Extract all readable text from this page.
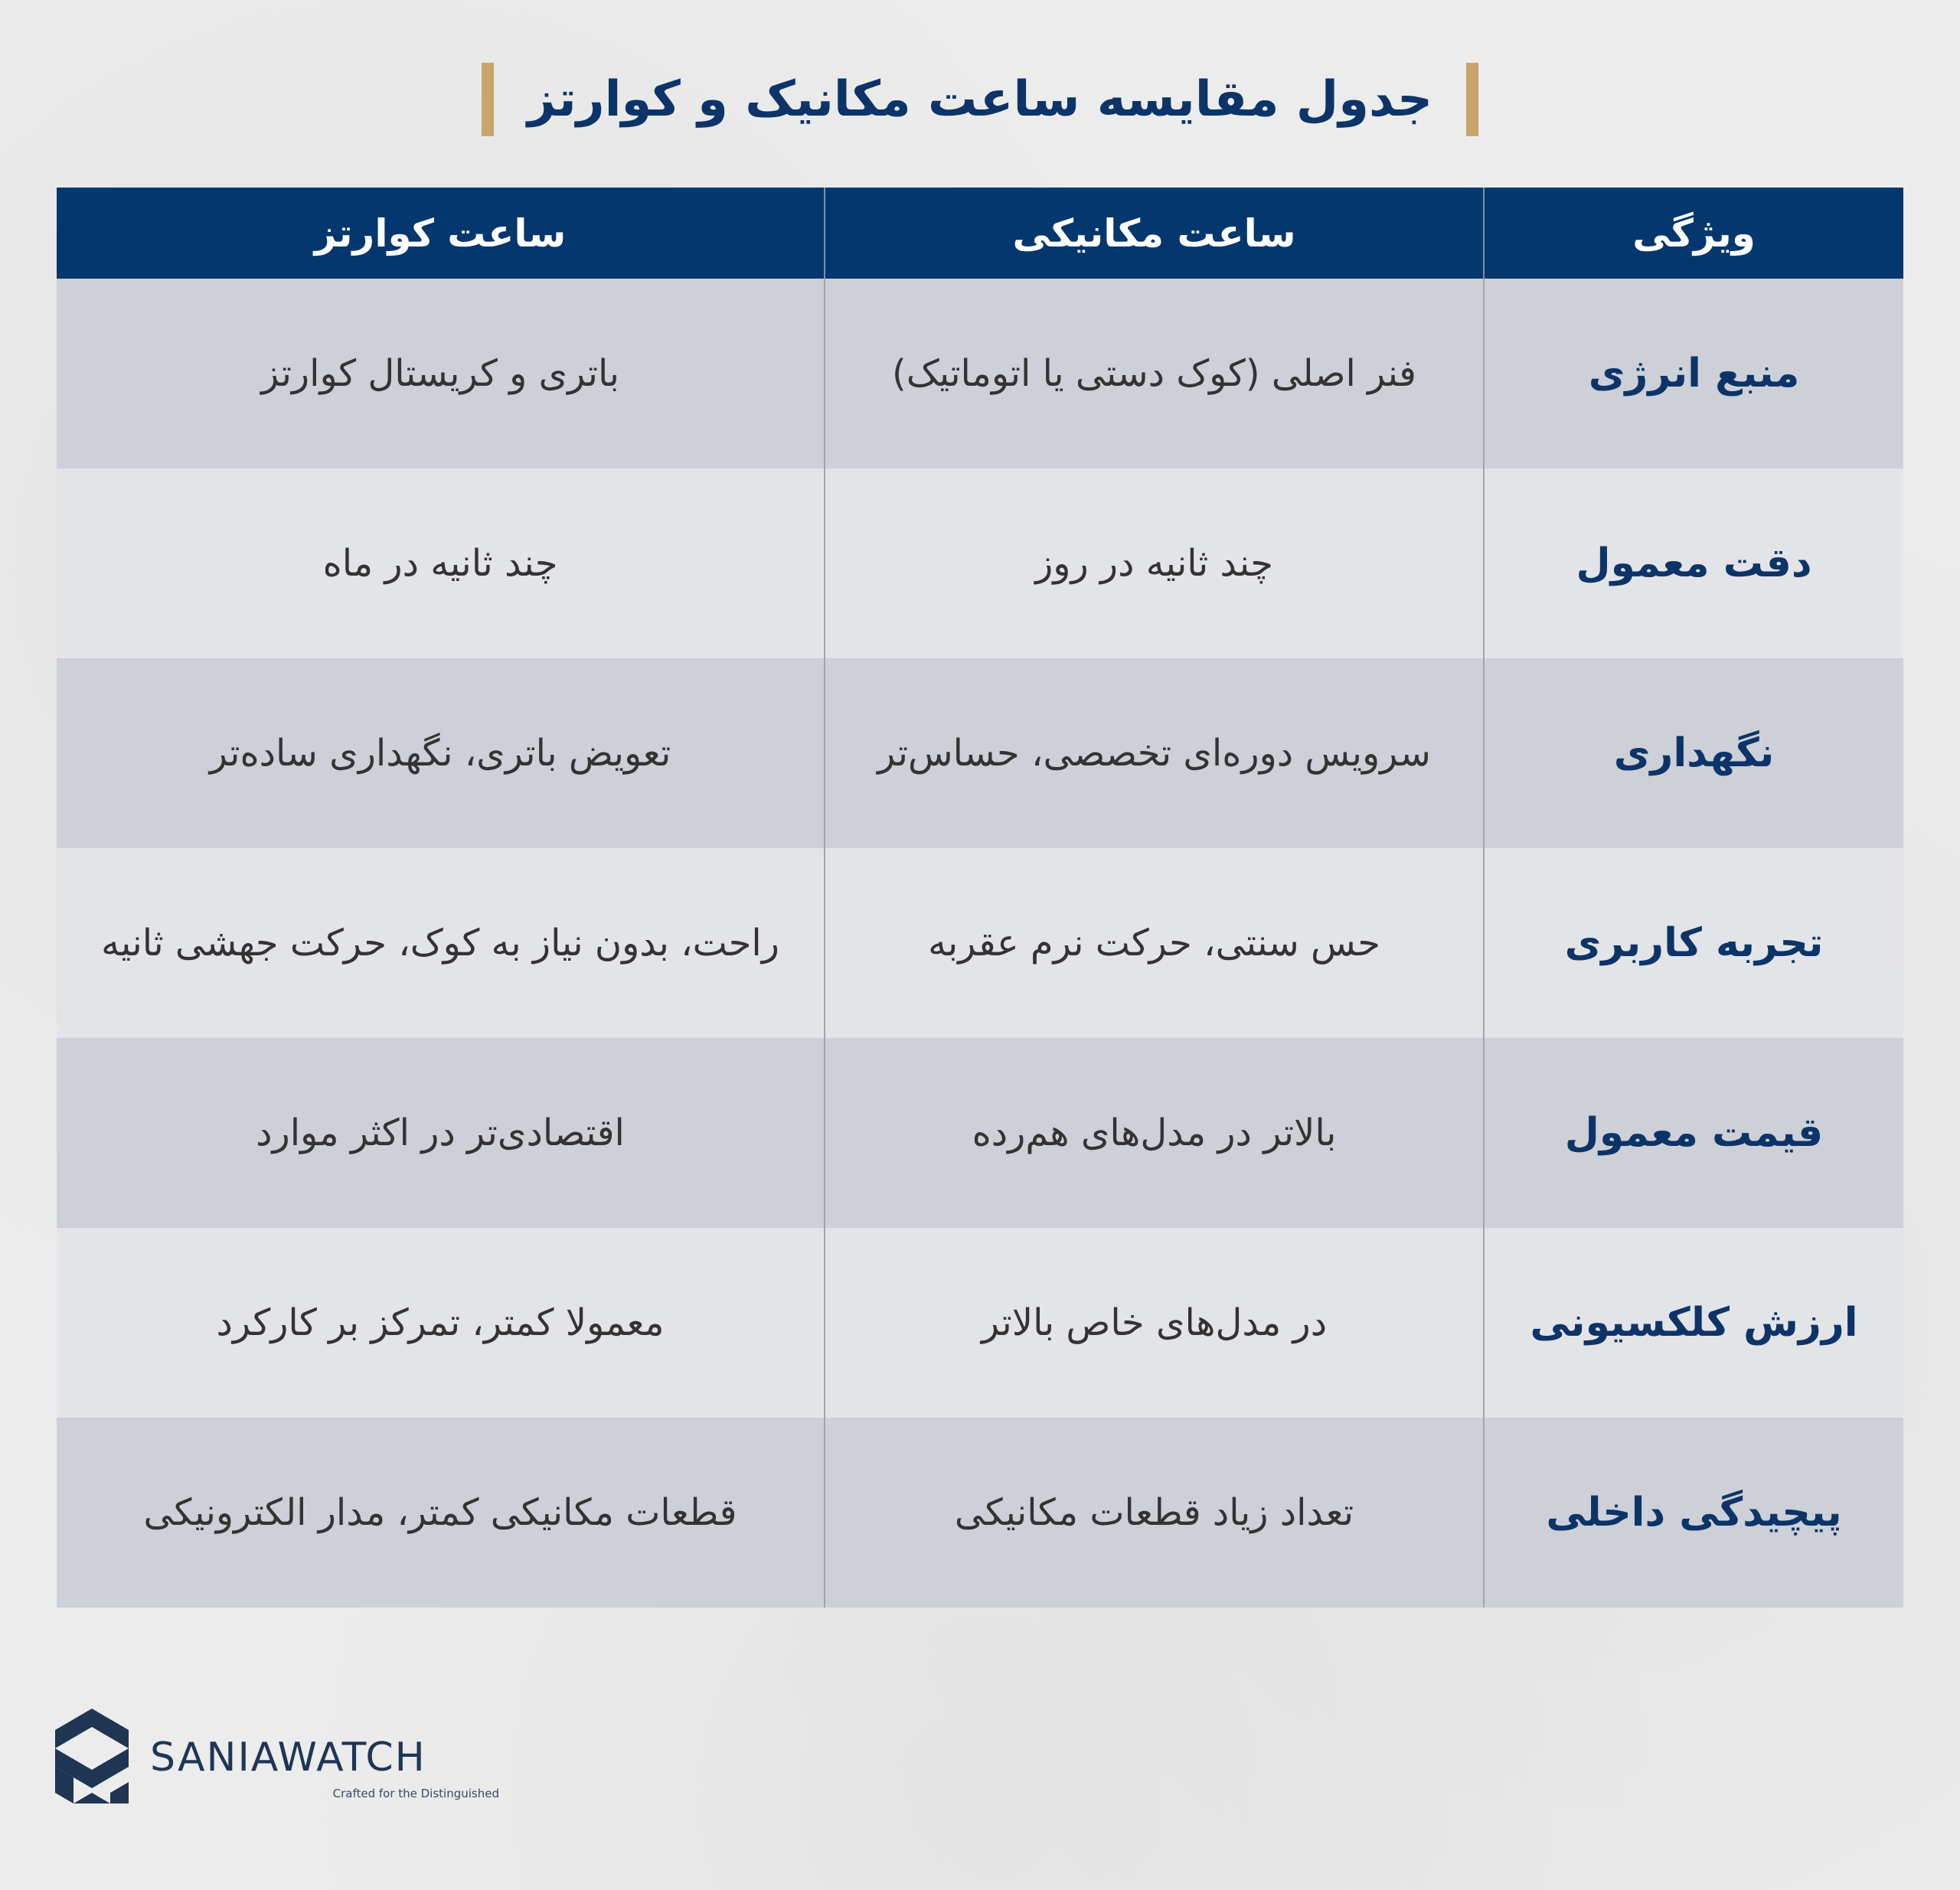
جدول مقایسه ساعت مکانیک و کوارتز
ویژگی
ساعت مکانیکی
ساعت کوارتز
منبع انرژی
فنر اصلی (کوک دستی یا اتوماتیک)
باتری و کریستال کوارتز
دقت معمول
چند ثانیه در روز
چند ثانیه در ماه
نگهداری
سرویس دوره‌ای تخصصی، حساس‌تر
تعویض باتری، نگهداری ساده‌تر
تجربه کاربری
حس سنتی، حرکت نرم عقربه
راحت، بدون نیاز به کوک، حرکت جهشی ثانیه
قیمت معمول
بالاتر در مدل‌های هم‌رده
اقتصادی‌تر در اکثر موارد
ارزش کلکسیونی
در مدل‌های خاص بالاتر
معمولا کمتر، تمرکز بر کارکرد
پیچیدگی داخلی
تعداد زیاد قطعات مکانیکی
قطعات مکانیکی کمتر، مدار الکترونیکی
SANIAWATCH
Crafted for the Distinguished
